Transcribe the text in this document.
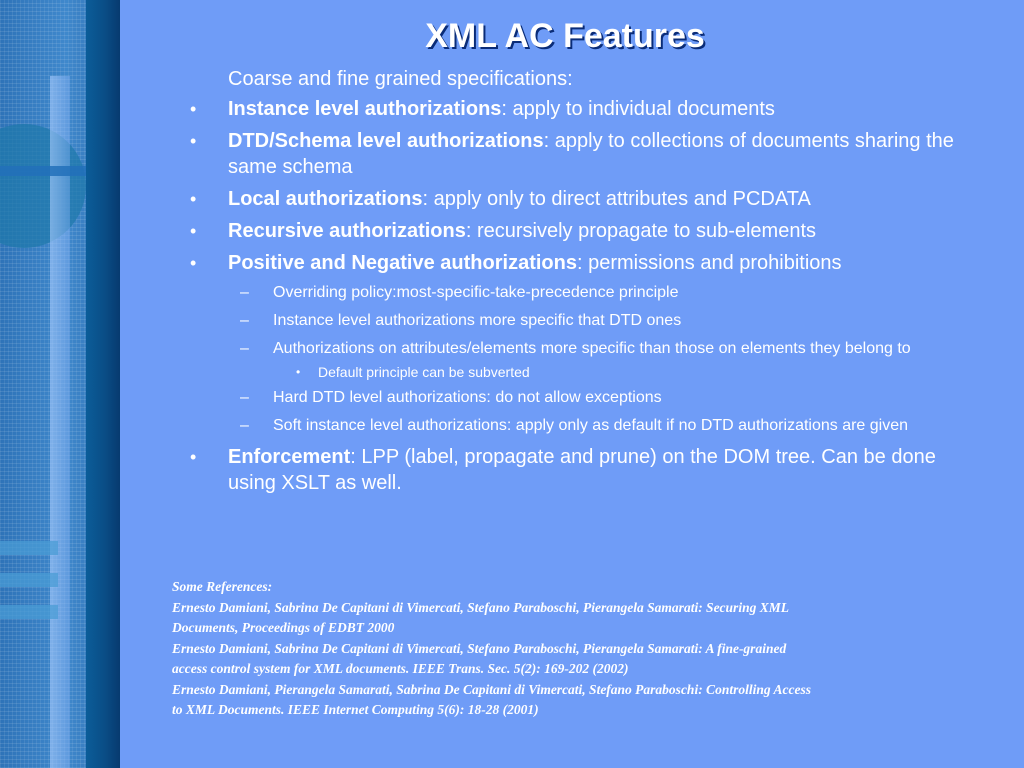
XML AC Features
Coarse and fine grained specifications:
• Instance level authorizations: apply to individual documents
• DTD/Schema level authorizations: apply to collections of documents sharing the same schema
• Local authorizations: apply only to direct attributes and PCDATA
• Recursive authorizations: recursively propagate to sub-elements
• Positive and Negative authorizations: permissions and prohibitions
– Overriding policy:most-specific-take-precedence principle
– Instance level authorizations more specific that DTD ones
– Authorizations on attributes/elements more specific than those on elements they belong to
• Default principle can be subverted
– Hard DTD level authorizations: do not allow exceptions
– Soft instance level authorizations: apply only as default if no DTD authorizations are given
• Enforcement: LPP (label, propagate and prune) on the DOM tree. Can be done using XSLT as well.
Some References:
Ernesto Damiani, Sabrina De Capitani di Vimercati, Stefano Paraboschi, Pierangela Samarati: Securing XML
Documents, Proceedings of EDBT 2000
Ernesto Damiani, Sabrina De Capitani di Vimercati, Stefano Paraboschi, Pierangela Samarati: A fine-grained
access control system for XML documents. IEEE Trans. Sec. 5(2): 169-202 (2002)
Ernesto Damiani, Pierangela Samarati, Sabrina De Capitani di Vimercati, Stefano Paraboschi: Controlling Access
to XML Documents. IEEE Internet Computing 5(6): 18-28 (2001)
